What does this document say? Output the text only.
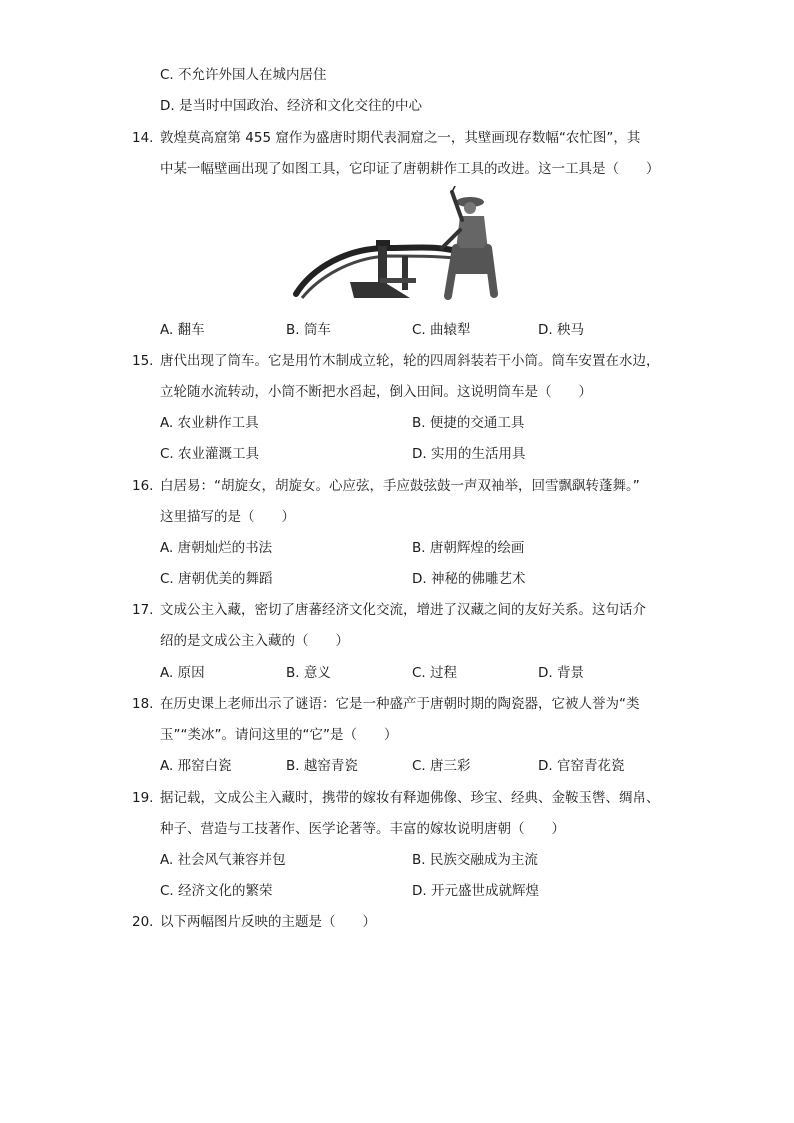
C. 不允许外国人在城内居住
D. 是当时中国政治、经济和文化交往的中心
14. 敦煌莫高窟第 455 窟作为盛唐时期代表洞窟之一，其壁画现存数幅“农忙图”，其
中某一幅壁画出现了如图工具，它印证了唐朝耕作工具的改进。这一工具是（　　）
A. 翻车	B. 筒车	C. 曲辕犁	D. 秧马
15. 唐代出现了筒车。它是用竹木制成立轮，轮的四周斜装若干小筒。筒车安置在水边，
立轮随水流转动，小筒不断把水舀起，倒入田间。这说明筒车是（　　）
A. 农业耕作工具	B. 便捷的交通工具
C. 农业灌溉工具	D. 实用的生活用具
16. 白居易：“胡旋女，胡旋女。心应弦，手应鼓弦鼓一声双袖举，回雪飘飖转蓬舞。”
这里描写的是（　　）
A. 唐朝灿烂的书法	B. 唐朝辉煌的绘画
C. 唐朝优美的舞蹈	D. 神秘的佛雕艺术
17. 文成公主入藏，密切了唐蕃经济文化交流，增进了汉藏之间的友好关系。这句话介
绍的是文成公主入藏的（　　）
A. 原因	B. 意义	C. 过程	D. 背景
18. 在历史课上老师出示了谜语：它是一种盛产于唐朝时期的陶瓷器，它被人誉为“类
玉”“类冰”。请问这里的“它”是（　　）
A. 邢窑白瓷	B. 越窑青瓷	C. 唐三彩	D. 官窑青花瓷
19. 据记载，文成公主入藏时，携带的嫁妆有释迦佛像、珍宝、经典、金鞍玉辔、绸帛、
种子、营造与工技著作、医学论著等。丰富的嫁妆说明唐朝（　　）
A. 社会风气兼容并包	B. 民族交融成为主流
C. 经济文化的繁荣	D. 开元盛世成就辉煌
20. 以下两幅图片反映的主题是（　　）
